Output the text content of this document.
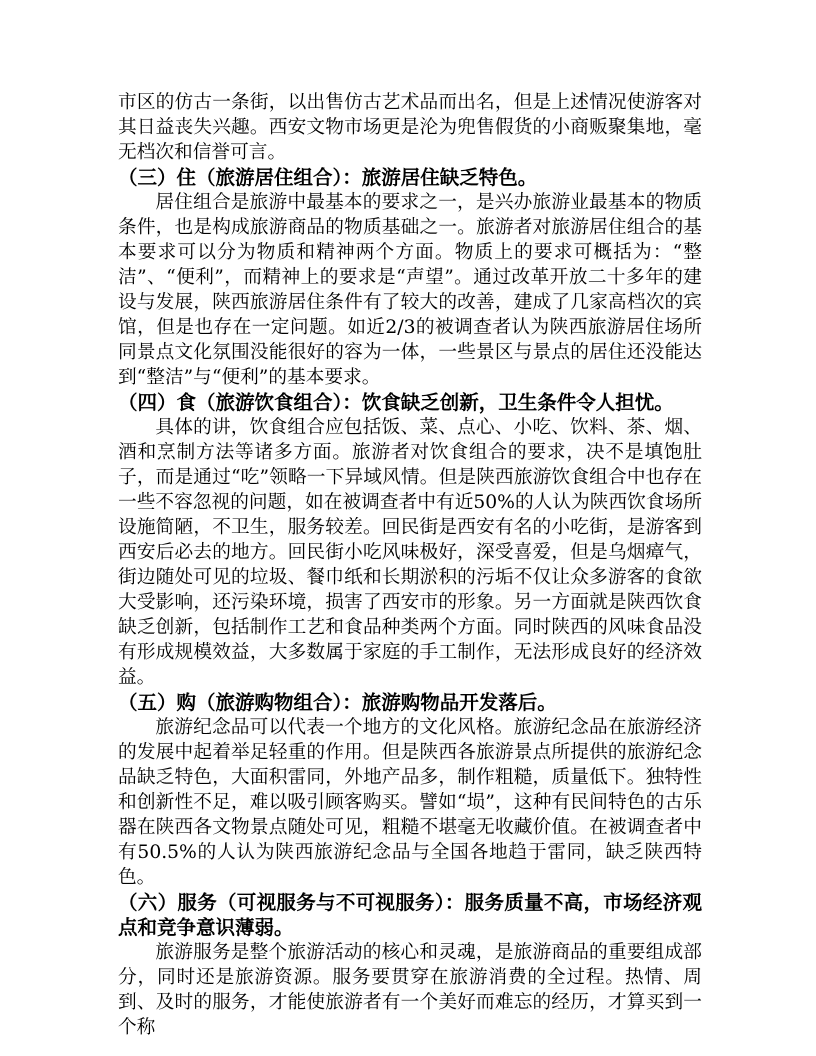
市区的仿古一条街，以出售仿古艺术品而出名，但是上述情况使游客对其日益丧失兴趣。西安文物市场更是沦为兜售假货的小商贩聚集地，毫无档次和信誉可言。

（三）住（旅游居住组合）：旅游居住缺乏特色。

居住组合是旅游中最基本的要求之一，是兴办旅游业最基本的物质条件，也是构成旅游商品的物质基础之一。旅游者对旅游居住组合的基本要求可以分为物质和精神两个方面。物质上的要求可概括为：“整洁”、“便利”，而精神上的要求是“声望”。通过改革开放二十多年的建设与发展，陕西旅游居住条件有了较大的改善，建成了几家高档次的宾馆，但是也存在一定问题。如近2/3的被调查者认为陕西旅游居住场所同景点文化氛围没能很好的容为一体，一些景区与景点的居住还没能达到“整洁”与“便利”的基本要求。

（四）食（旅游饮食组合）：饮食缺乏创新，卫生条件令人担忧。

具体的讲，饮食组合应包括饭、菜、点心、小吃、饮料、茶、烟、酒和烹制方法等诸多方面。旅游者对饮食组合的要求，决不是填饱肚子，而是通过“吃”领略一下异域风情。但是陕西旅游饮食组合中也存在一些不容忽视的问题，如在被调查者中有近50%的人认为陕西饮食场所设施简陋，不卫生，服务较差。回民街是西安有名的小吃街，是游客到西安后必去的地方。回民街小吃风味极好，深受喜爱，但是乌烟瘴气，街边随处可见的垃圾、餐巾纸和长期淤积的污垢不仅让众多游客的食欲大受影响，还污染环境，损害了西安市的形象。另一方面就是陕西饮食缺乏创新，包括制作工艺和食品种类两个方面。同时陕西的风味食品没有形成规模效益，大多数属于家庭的手工制作，无法形成良好的经济效益。

（五）购（旅游购物组合）：旅游购物品开发落后。

旅游纪念品可以代表一个地方的文化风格。旅游纪念品在旅游经济的发展中起着举足轻重的作用。但是陕西各旅游景点所提供的旅游纪念品缺乏特色，大面积雷同，外地产品多，制作粗糙，质量低下。独特性和创新性不足，难以吸引顾客购买。譬如“埙”，这种有民间特色的古乐器在陕西各文物景点随处可见，粗糙不堪毫无收藏价值。在被调查者中有50.5%的人认为陕西旅游纪念品与全国各地趋于雷同，缺乏陕西特色。

（六）服务（可视服务与不可视服务）：服务质量不高，市场经济观点和竞争意识薄弱。

旅游服务是整个旅游活动的核心和灵魂，是旅游商品的重要组成部分，同时还是旅游资源。服务要贯穿在旅游消费的全过程。热情、周到、及时的服务，才能使旅游者有一个美好而难忘的经历，才算买到一个称
